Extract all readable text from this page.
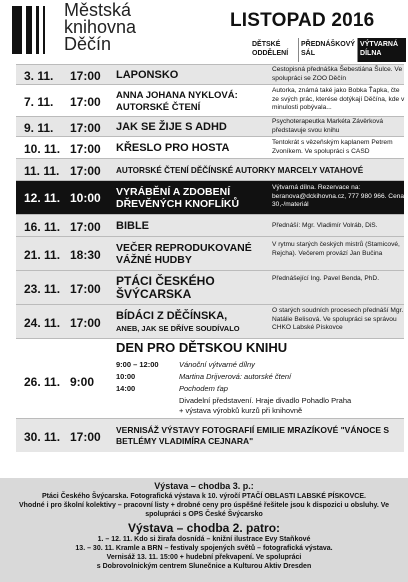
Městská
knihovna
Děčín
LISTOPAD 2016
DĚTSKÉ ODDĚLENÍ
PŘEDNÁŠKOVÝ SÁL
VÝTVARNÁ DÍLNA
3. 11. 17:00 LAPONSKO	Cestopisná přednáška Šebestiána Šulce. Ve spolupráci se ZOO Děčín
7. 11. 17:00 ANNA JOHANA NYKLOVÁ: AUTORSKÉ ČTENÍ
Autorka, známá také jako Bobka Ťapka, čte ze svých prác, kterése dotýkají Děčína, kde v minulosti pobývala...
9. 11. 17:00 JAK SE ŽIJE S ADHD	Psychoterapeutka Markéta Závěrková představuje svou knihu
10. 11. 17:00 KŘESLO PRO HOSTA	Tentokrát s vězeňským kaplanem Petrem Zvoníkem. Ve spolupráci s CASD
11. 11. 17:00 AUTORSKÉ ČTENÍ DĚČÍNSKÉ AUTORKY MARCELY VATAHOVÉ
12. 11. 10:00 VYRÁBĚNÍ A ZDOBENÍ DŘEVĚNÝCH KNOFLÍKŮ
Výtvarná dílna. Rezervace na: beranova@dckihovna.cz, 777 980 966. Cena 30,-/materiál
16. 11. 17:00 BIBLE	Přednáší: Mgr. Vladimír Volráb, DiS.
21. 11. 18:30 VEČER REPRODUKOVANÉ VÁŽNÉ HUDBY
V rytmu starých českých mistrů (Stamicové, Rejcha). Večerem provází Jan Bučina
23. 11. 17:00
PTÁCI ČESKÉHO ŠVÝCARSKA
Přednášející Ing. Pavel Benda, PhD.
24. 11. 17:00 BÍDÁCI Z DĚČÍNSKA,
ANEB, JAK SE DŘÍVE SOUDÍVALO
O starých soudních procesech přednáší Mgr. Natálie Belisová. Ve spolupráci se správou CHKO Labské Pískovce
26. 11. 9:00
DEN PRO DĚTSKOU KNIHU
9:00 – 12:00	Vánoční výtvarné dílny
10:00	Martina Drijverová: autorské čtení
14:00	Pochodem ťap
Divadelní představení. Hraje divadlo Pohadlo Praha
+ výstava výrobků kurzů při knihovně
30. 11. 17:00 VERNISÁŽ VÝSTAVY FOTOGRAFIÍ EMILIE MRAZÍKOVÉ "VÁNOCE S BETLÉMY VLADIMÍRA CEJNARA"
Výstava – chodba 3. p.:
Ptáci Českého Švýcarska. Fotografická výstava k 10. výročí PTAČÍ OBLASTI LABSKÉ PÍSKOVCE.
Vhodné i pro školní kolektivy – pracovní listy + drobné ceny pro úspěšné řešitele jsou k dispozici u obsluhy. Ve spolupráci s OPS České Švýcarsko
Výstava – chodba 2. patro:
1. – 12. 11. Kdo si žirafa dosnídá – knižní ilustrace Evy Staňkové
13. – 30. 11. Kramle a BRN – festivaly spojených světů – fotografická výstava.
Vernisáž 13. 11. 15:00 + hudební překvapení. Ve spolupráci
s Dobrovolnickým centrem Slunečnice a Kulturou Aktiv Dresden
